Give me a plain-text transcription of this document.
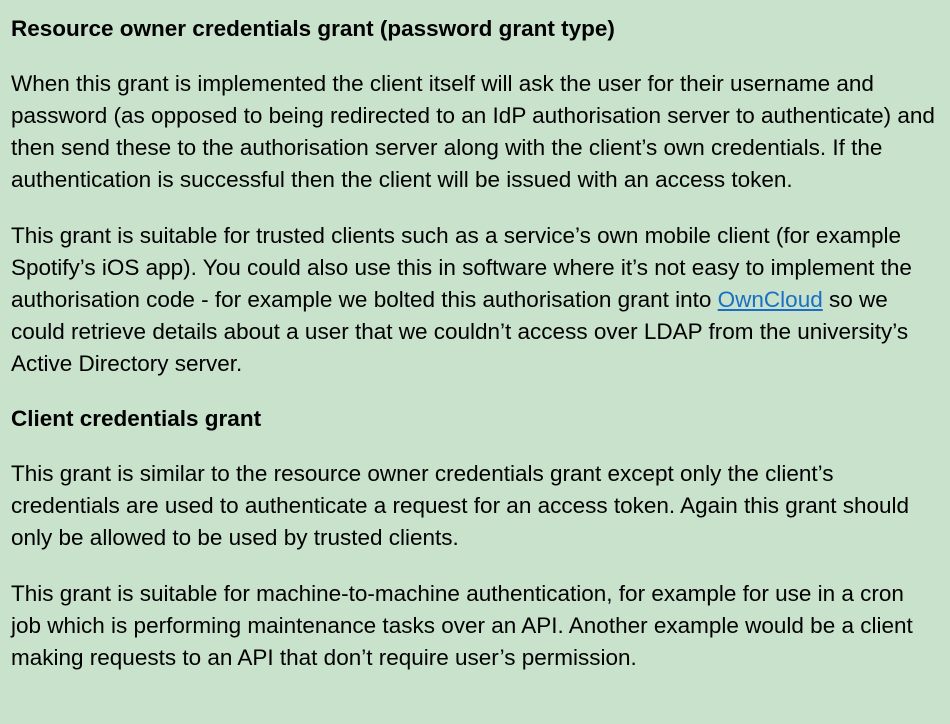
Resource owner credentials grant (password grant type)

When this grant is implemented the client itself will ask the user for their username and password (as opposed to being redirected to an IdP authorisation server to authenticate) and then send these to the authorisation server along with the client’s own credentials. If the authentication is successful then the client will be issued with an access token.

This grant is suitable for trusted clients such as a service’s own mobile client (for example Spotify’s iOS app). You could also use this in software where it’s not easy to implement the authorisation code - for example we bolted this authorisation grant into OwnCloud so we could retrieve details about a user that we couldn’t access over LDAP from the university’s Active Directory server.

Client credentials grant

This grant is similar to the resource owner credentials grant except only the client’s credentials are used to authenticate a request for an access token. Again this grant should only be allowed to be used by trusted clients.

This grant is suitable for machine-to-machine authentication, for example for use in a cron job which is performing maintenance tasks over an API. Another example would be a client making requests to an API that don’t require user’s permission.
